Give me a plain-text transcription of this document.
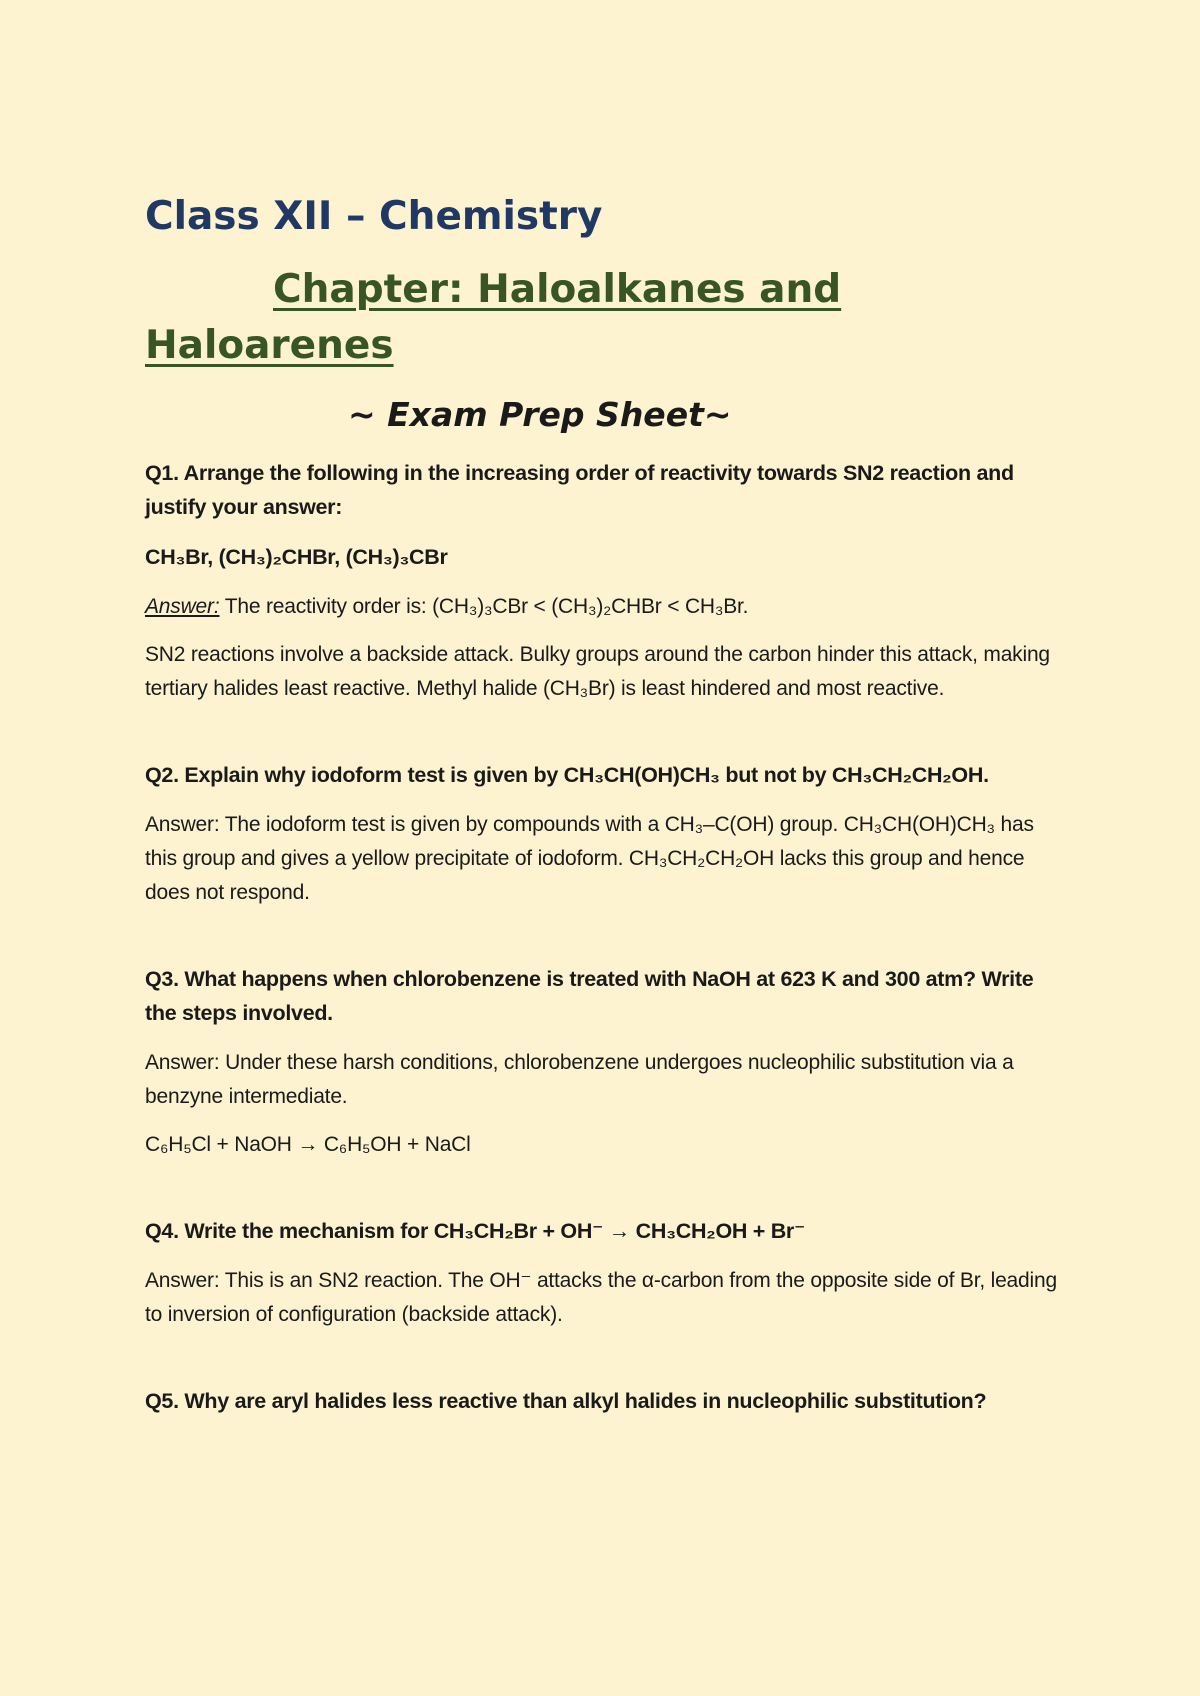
Class XII – Chemistry
Chapter: Haloalkanes and Haloarenes
~ Exam Prep Sheet~
Q1. Arrange the following in the increasing order of reactivity towards SN2 reaction and justify your answer:
CH₃Br, (CH₃)₂CHBr, (CH₃)₃CBr
Answer: The reactivity order is: (CH₃)₃CBr < (CH₃)₂CHBr < CH₃Br.
SN2 reactions involve a backside attack. Bulky groups around the carbon hinder this attack, making tertiary halides least reactive. Methyl halide (CH₃Br) is least hindered and most reactive.
Q2. Explain why iodoform test is given by CH₃CH(OH)CH₃ but not by CH₃CH₂CH₂OH.
Answer: The iodoform test is given by compounds with a CH₃–C(OH) group. CH₃CH(OH)CH₃ has this group and gives a yellow precipitate of iodoform. CH₃CH₂CH₂OH lacks this group and hence does not respond.
Q3. What happens when chlorobenzene is treated with NaOH at 623 K and 300 atm? Write the steps involved.
Answer: Under these harsh conditions, chlorobenzene undergoes nucleophilic substitution via a benzyne intermediate.
C₆H₅Cl + NaOH → C₆H₅OH + NaCl
Q4. Write the mechanism for CH₃CH₂Br + OH⁻ → CH₃CH₂OH + Br⁻
Answer: This is an SN2 reaction. The OH⁻ attacks the α-carbon from the opposite side of Br, leading to inversion of configuration (backside attack).
Q5. Why are aryl halides less reactive than alkyl halides in nucleophilic substitution?
